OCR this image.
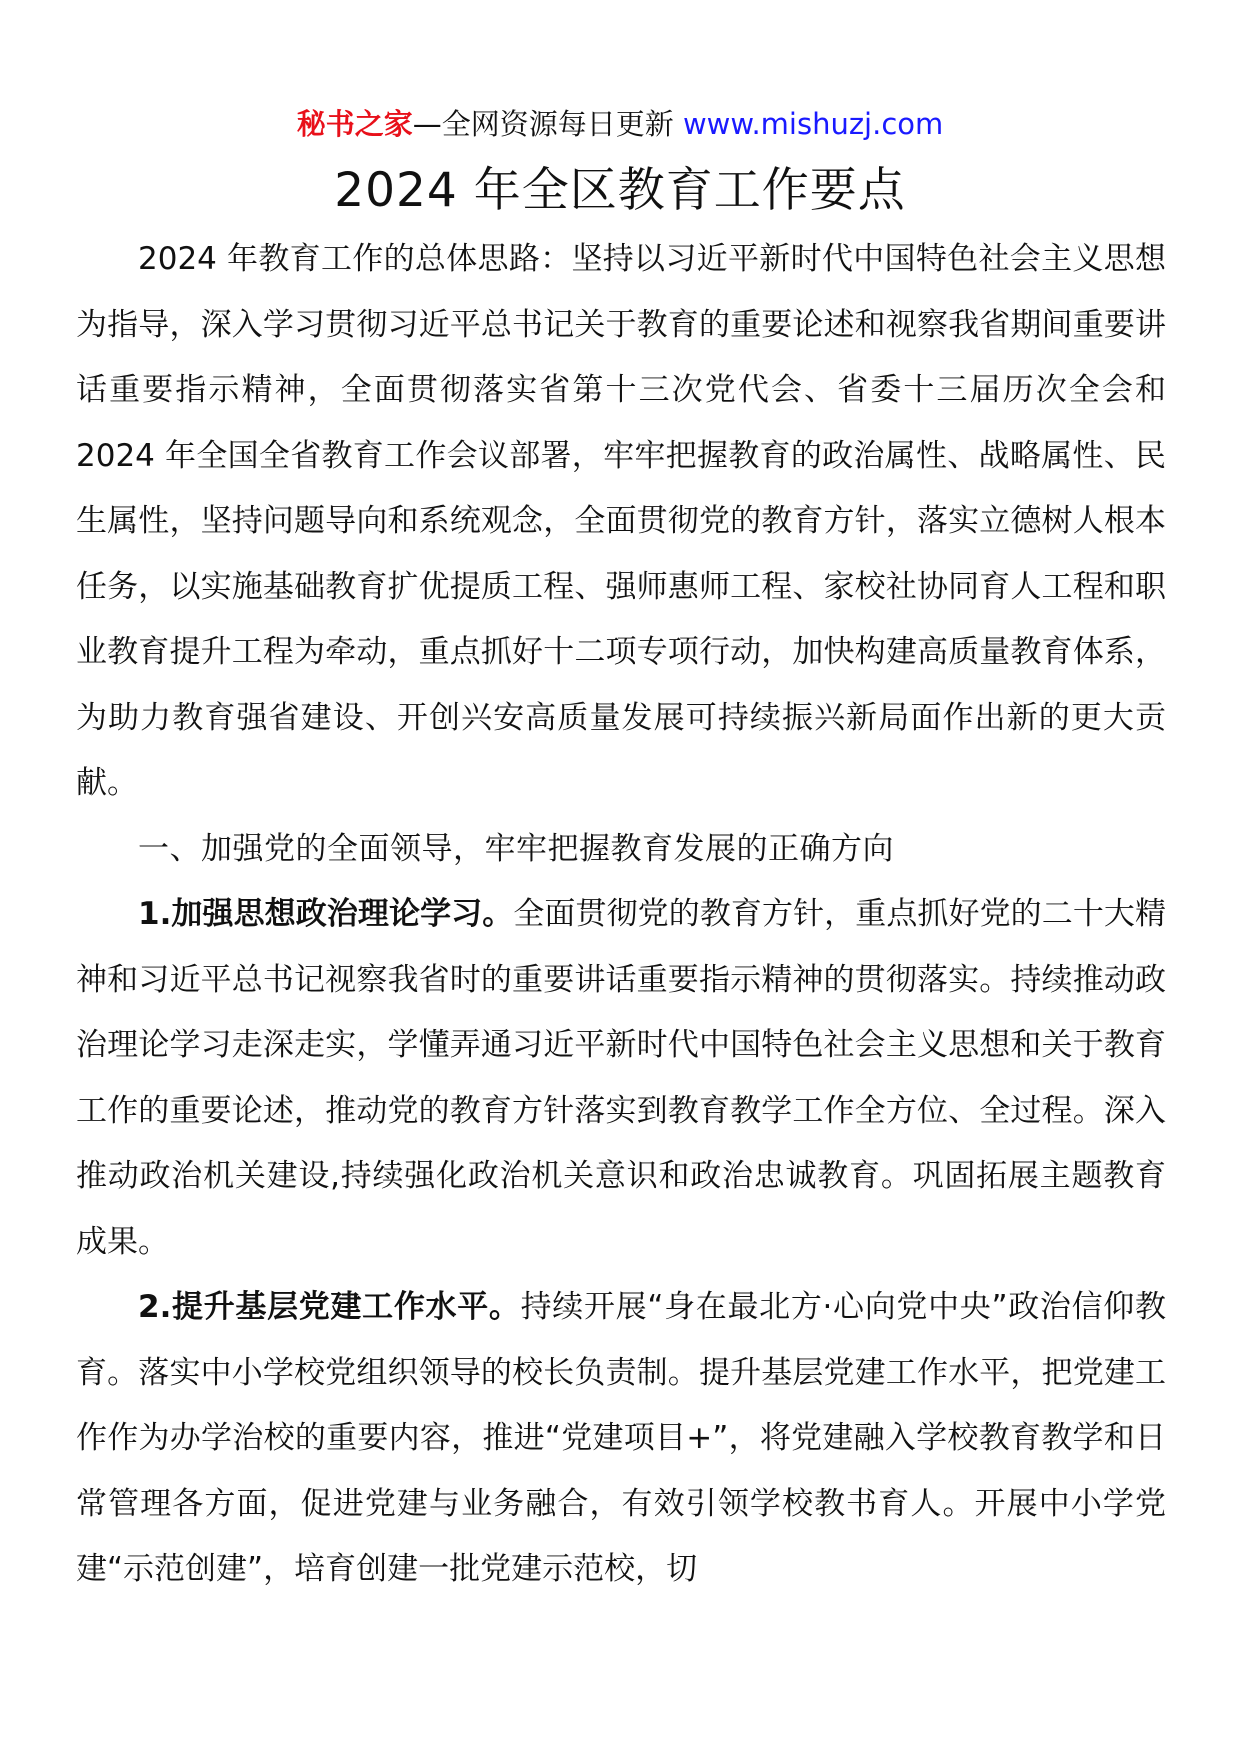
秘书之家—全网资源每日更新 www.mishuzj.com
2024 年全区教育工作要点

2024 年教育工作的总体思路：坚持以习近平新时代中国特色社会主义思想为指导，深入学习贯彻习近平总书记关于教育的重要论述和视察我省期间重要讲话重要指示精神，全面贯彻落实省第十三次党代会、省委十三届历次全会和 2024 年全国全省教育工作会议部署，牢牢把握教育的政治属性、战略属性、民生属性，坚持问题导向和系统观念，全面贯彻党的教育方针，落实立德树人根本任务，以实施基础教育扩优提质工程、强师惠师工程、家校社协同育人工程和职业教育提升工程为牵动，重点抓好十二项专项行动，加快构建高质量教育体系，为助力教育强省建设、开创兴安高质量发展可持续振兴新局面作出新的更大贡献。

一、加强党的全面领导，牢牢把握教育发展的正确方向

1.加强思想政治理论学习。全面贯彻党的教育方针，重点抓好党的二十大精神和习近平总书记视察我省时的重要讲话重要指示精神的贯彻落实。持续推动政治理论学习走深走实，学懂弄通习近平新时代中国特色社会主义思想和关于教育工作的重要论述，推动党的教育方针落实到教育教学工作全方位、全过程。深入推动政治机关建设,持续强化政治机关意识和政治忠诚教育。巩固拓展主题教育成果。

2.提升基层党建工作水平。持续开展“身在最北方·心向党中央”政治信仰教育。落实中小学校党组织领导的校长负责制。提升基层党建工作水平，把党建工作作为办学治校的重要内容，推进“党建项目+”，将党建融入学校教育教学和日常管理各方面，促进党建与业务融合，有效引领学校教书育人。开展中小学党建“示范创建”，培育创建一批党建示范校，切
